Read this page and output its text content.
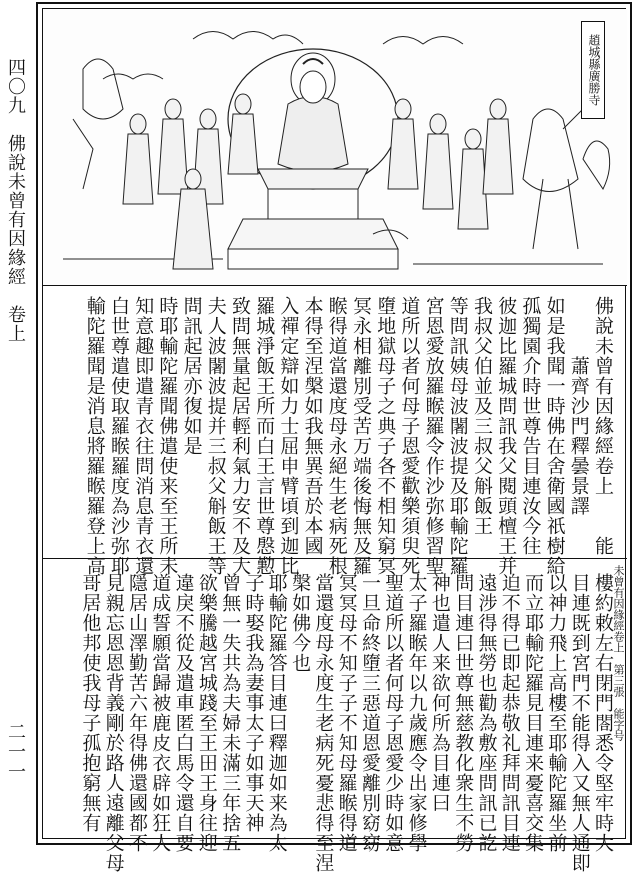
四〇九　佛說未曾有因緣經　卷上
二一一
趙城縣廣勝寺
佛說未曾有因緣經卷上　　能
　　　蕭齊沙門釋曇景譯
如是我聞一時佛在舍衛國祇樹給
孤獨園介時世尊告目連汝今往
彼迦比羅城問訊我父閱頭檀王并
我叔父伯並及三叔父斛飯王
等問訊姨母波闍波提及耶輸陀羅
宮恩愛放羅睺羅令作沙弥修習聖
道所以者何母子恩愛歡樂須臾死
墮地獄母子之典子各不相知窮冥
冥永相離別受苦万端後悔無及羅
睺得道當還度母永絕生老病死根
本得至涅槃如我無異吾於本國
入禪定辯如力士屈申臂頃到迦比
羅城淨飯王所而白王言世尊慇懃
致問無量起居輕利氣力安不及大
夫人波闍波提并三叔父斛飯王等
問訊起居亦復如是
時耶輸陀羅聞佛遣使来至王所未
知意趣即遣青衣往問消息青衣還
白世尊遣使取羅睺羅度為沙弥耶
輸陀羅聞是消息將羅睺羅登上高
樓約敕左右閉門閤悉令堅牢時大
目連既到宮門不能得入又無人通即
以神力飛上高樓至耶輸陀羅坐前
而立耶輸陀羅見目連来憂喜交集
迫不得已即起恭敬礼拜問訊目連
遠涉得無勞也勸為敷座問訊已訖
問目連曰世尊無慈教化衆生不勞
神也遣人来欲何所為目連曰
太子羅睺年以九歲應令出家修學
聖道所以者何母子恩愛少時如意
一旦命終墮三惡道恩愛離別窈窈
冥冥母不知子子不知母羅睺得道
當還度母永度生老病死憂悲得至涅
槃如佛今也
耶輸陀羅答目連曰釋迦如来為太
子時娶我為妻事太子如事天神
曾無一失共為夫婦未滿三年捨五
欲樂騰越宮城踐至王田王身往迎
違戾不從及遣車匿白馬令還自要
道成誓願當歸被鹿皮衣辟如狂人
隱居山澤勤苦六年得佛還國都不
見親忘恩恩背義剛於路人遠離父母
哥居他邦使我母子孤抱窮無有	未曾有因緣經卷上　第三張　能字号
